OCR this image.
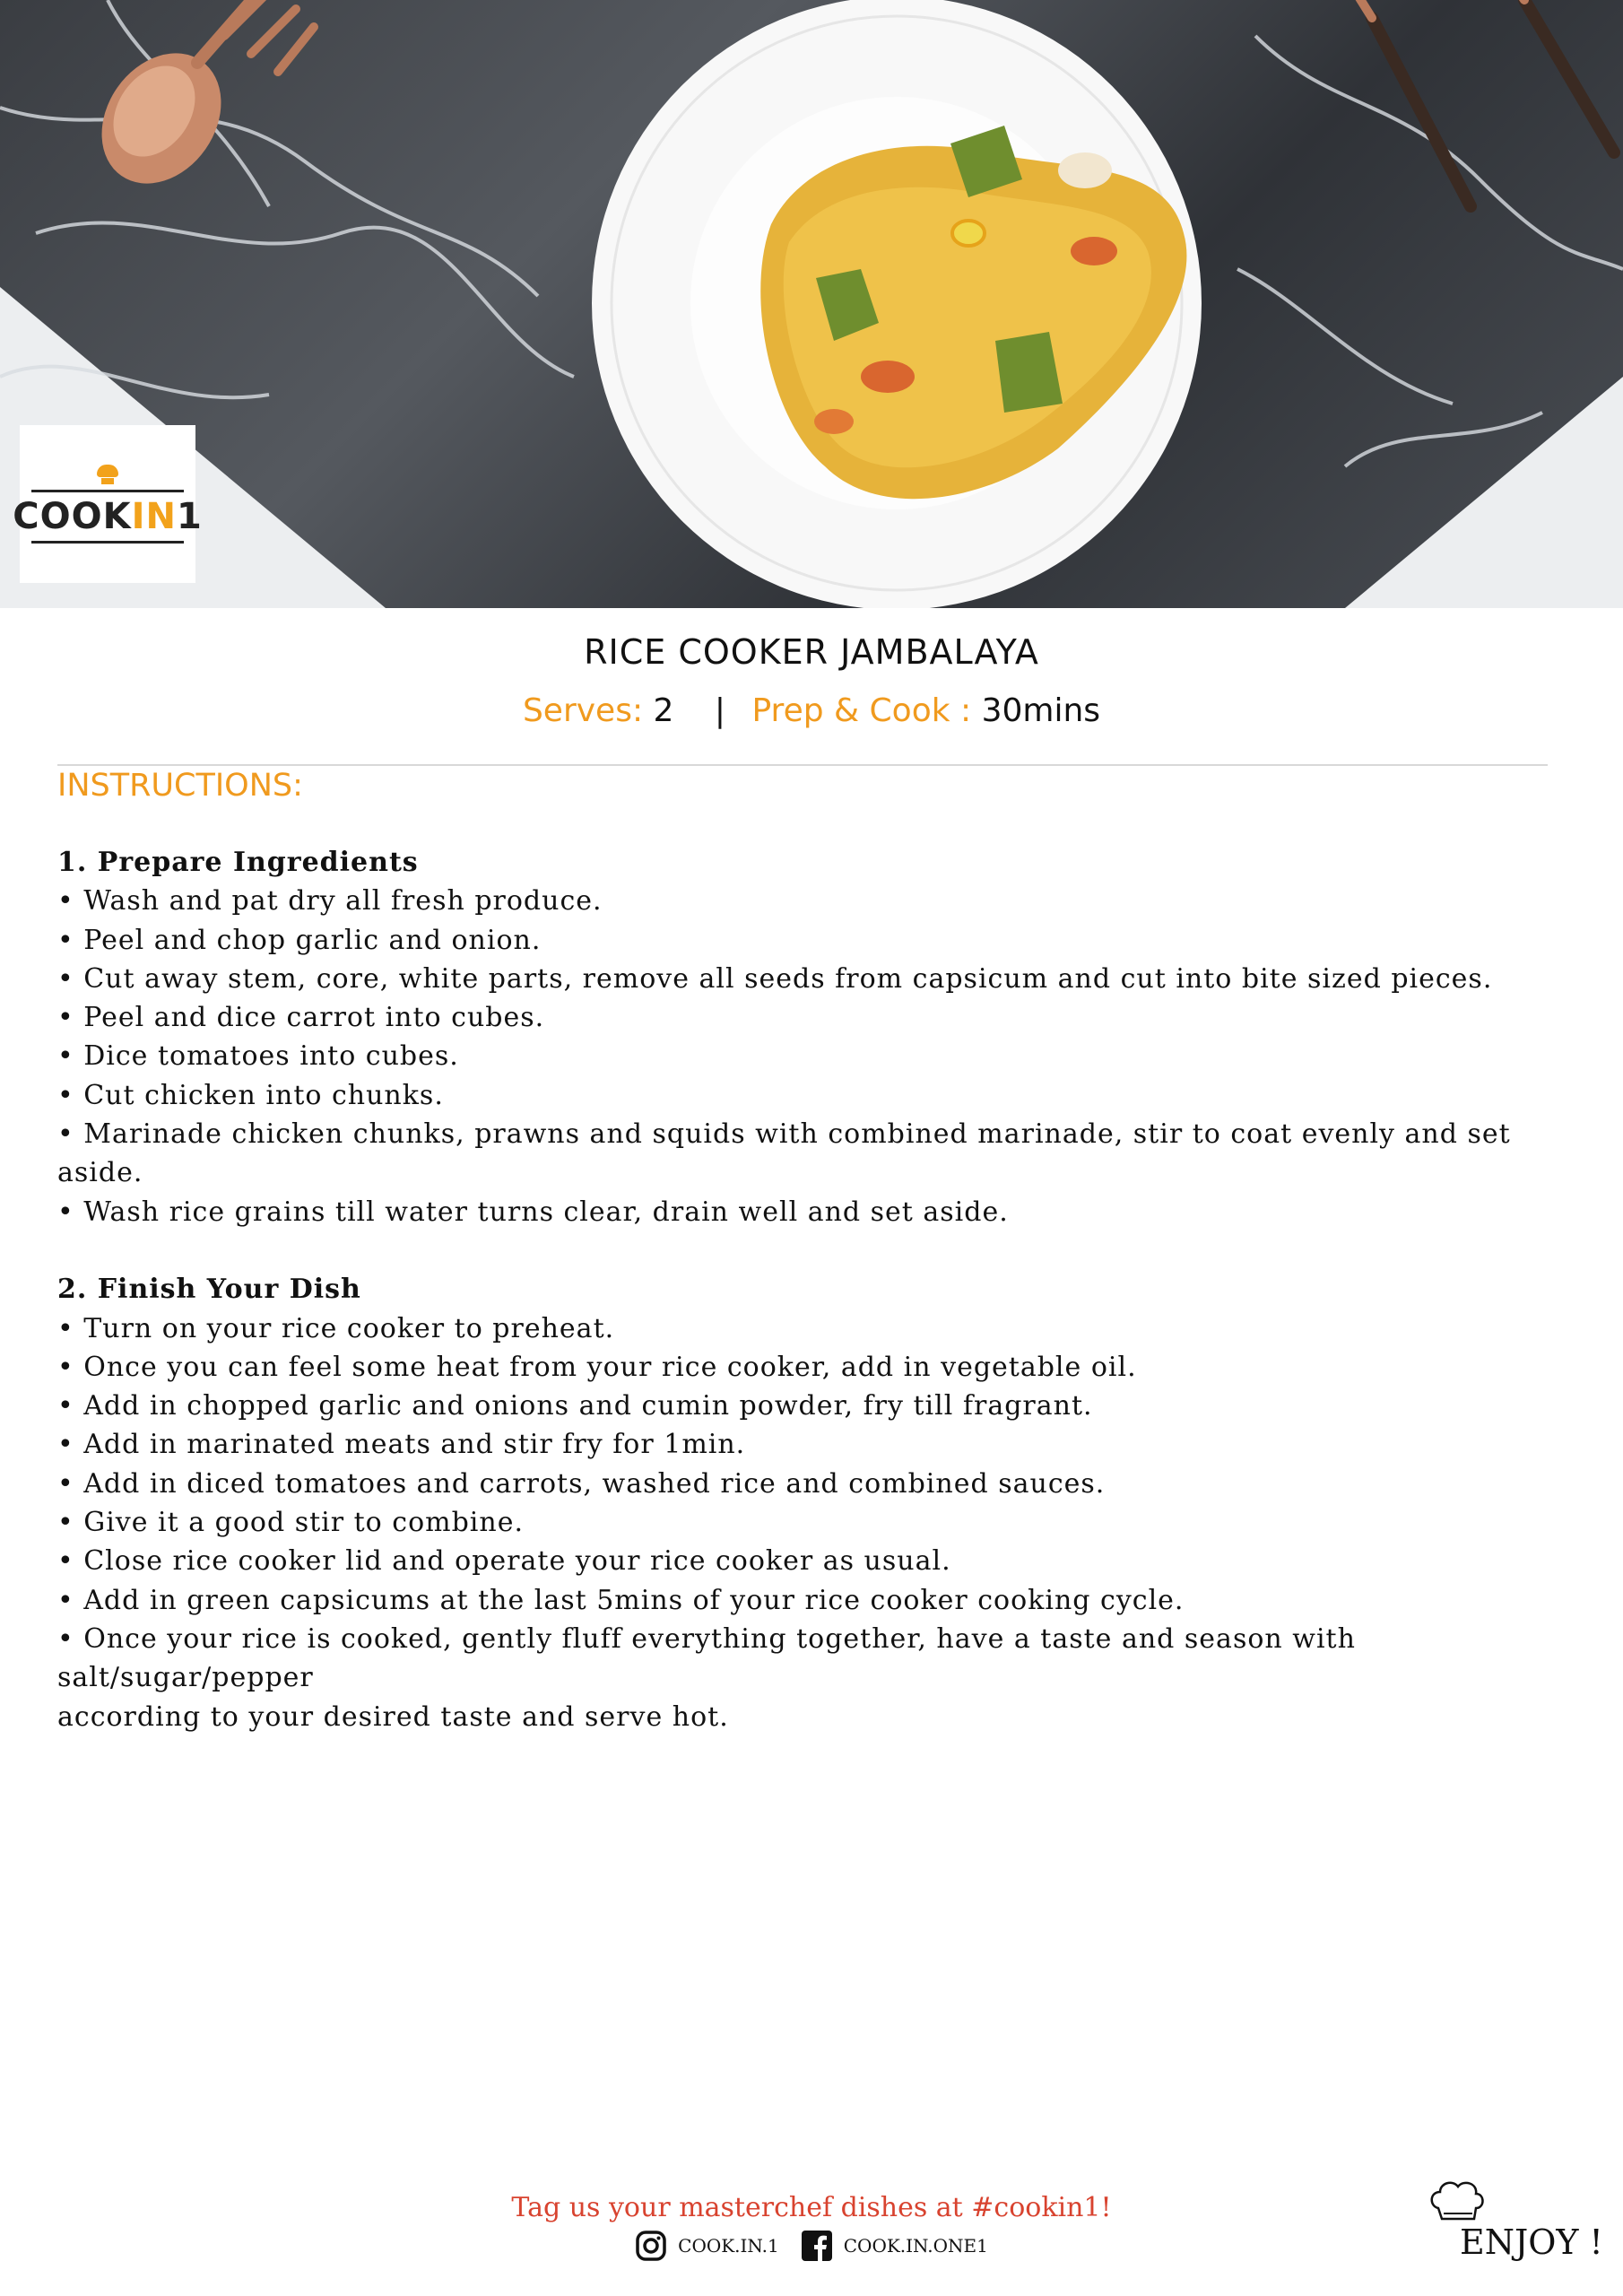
COOKIN1
RICE COOKER JAMBALAYA
Serves: 2 | Prep & Cook : 30mins
INSTRUCTIONS:
1. Prepare Ingredients

• Wash and pat dry all fresh produce.

• Peel and chop garlic and onion.

• Cut away stem, core, white parts, remove all seeds from capsicum and cut into bite sized pieces.

• Peel and dice carrot into cubes.

• Dice tomatoes into cubes.

• Cut chicken into chunks.

• Marinade chicken chunks, prawns and squids with combined marinade, stir to coat evenly and set aside.

• Wash rice grains till water turns clear, drain well and set aside.

2. Finish Your Dish

• Turn on your rice cooker to preheat.

• Once you can feel some heat from your rice cooker, add in vegetable oil.

• Add in chopped garlic and onions and cumin powder, fry till fragrant.

• Add in marinated meats and stir fry for 1min.

• Add in diced tomatoes and carrots, washed rice and combined sauces.

• Give it a good stir to combine.

• Close rice cooker lid and operate your rice cooker as usual.

• Add in green capsicums at the last 5mins of your rice cooker cooking cycle.

• Once your rice is cooked, gently fluff everything together, have a taste and season with salt/sugar/pepper

according to your desired taste and serve hot.

Tag us your masterchef dishes at #cookin1!
COOK.IN.1	COOK.IN.ONE1	ENJOY !
